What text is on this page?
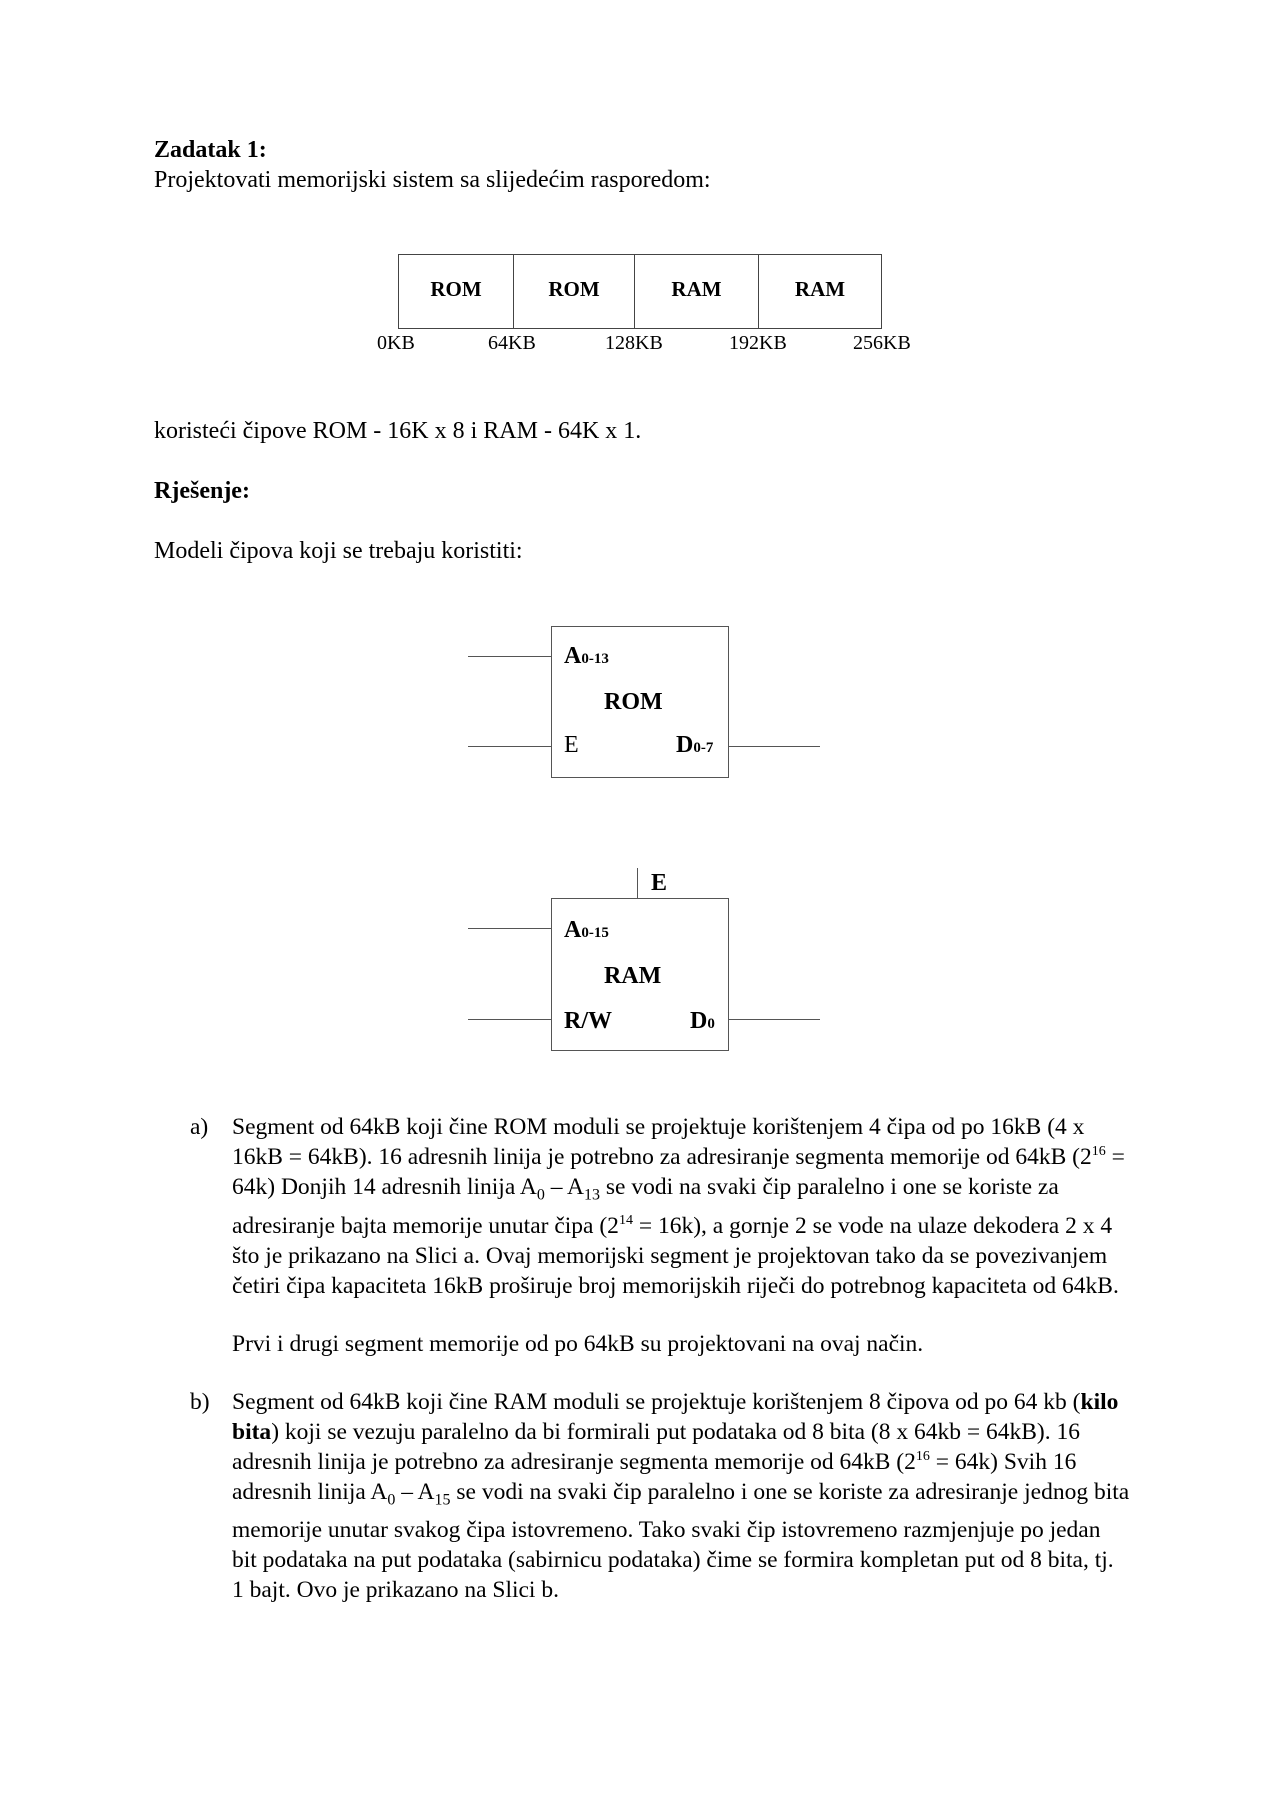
Zadatak 1:
Projektovati memorijski sistem sa slijedećim rasporedom:
ROM	ROM	RAM	RAM
0KB	64KB	128KB	192KB	256KB
koristeći čipove ROM - 16K x 8 i RAM - 64K x 1.
Rješenje:
Modeli čipova koji se trebaju koristiti:
A0-13
ROM
E	D0-7
E
A0-15
RAM
R/W	D0
a) Segment od 64kB koji čine ROM moduli se projektuje korištenjem 4 čipa od po 16kB (4 x 16kB = 64kB). 16 adresnih linija je potrebno za adresiranje segmenta memorije od 64kB $(2^{16} = 64k)$ Donjih 14 adresnih linija $A_0 - A_{13}$ se vodi na svaki čip paralelno i one se koriste za adresiranje bajta memorije unutar čipa $(2^{14} = 16k)$, a gornje 2 se vode na ulaze dekodera 2 x 4 što je prikazano na Slici a. Ovaj memorijski segment je projektovan tako da se povezivanjem četiri čipa kapaciteta 16kB proširuje broj memorijskih riječi do potrebnog kapaciteta od 64kB.

Prvi i drugi segment memorije od po 64kB su projektovani na ovaj način.

b) Segment od 64kB koji čine RAM moduli se projektuje korištenjem 8 čipova od po 64 kb (kilo bita) koji se vezuju paralelno da bi formirali put podataka od 8 bita (8 x 64kb = 64kB). 16 adresnih linija je potrebno za adresiranje segmenta memorije od 64kB $(2^{16} = 64k)$ Svih 16 adresnih linija $A_0 - A_{15}$ se vodi na svaki čip paralelno i one se koriste za adresiranje jednog bita memorije unutar svakog čipa istovremeno. Tako svaki čip istovremeno razmjenjuje po jedan bit podataka na put podataka (sabirnicu podataka) čime se formira kompletan put od 8 bita, tj. 1 bajt. Ovo je prikazano na Slici b.
